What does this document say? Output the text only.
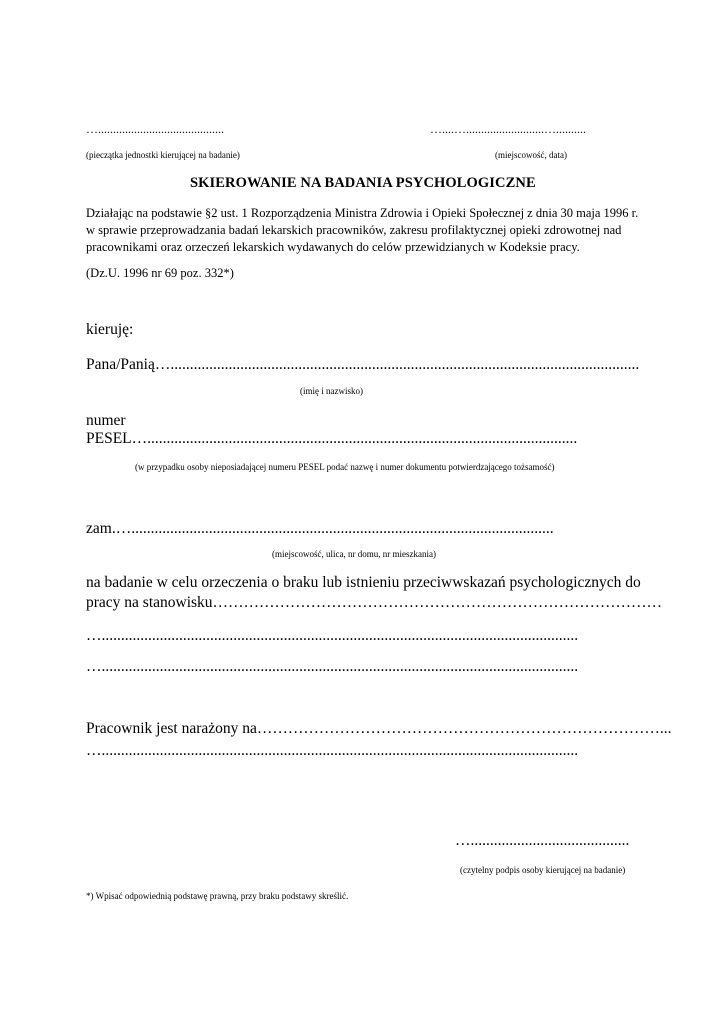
…..........................................	…....…..........................…..........
(pieczątka jednostki kierującej na badanie)	(miejscowość, data)
SKIEROWANIE NA BADANIA PSYCHOLOGICZNE
Działając na podstawie §2 ust. 1 Rozporządzenia Ministra Zdrowia i Opieki Społecznej z dnia 30 maja 1996 r.
w sprawie przeprowadzania badań lekarskich pracowników, zakresu profilaktycznej opieki zdrowotnej nad
pracownikami oraz orzeczeń lekarskich wydawanych do celów przewidzianych w Kodeksie pracy.
(Dz.U. 1996 nr 69 poz. 332*)
kieruję:
Pana/Panią….........................................................................................................................
(imię i nazwisko)
numer
PESEL…...............................................................................................................
(w przypadku osoby nieposiadającej numeru PESEL podać nazwę i numer dokumentu potwierdzającego tożsamość)
zam.….............................................................................................................
(miejscowość, ulica, nr domu, nr mieszkania)
na badanie w celu orzeczenia o braku lub istnieniu przeciwwskazań psychologicznych do
pracy na stanowisku……………………………………………………………………………
…...........................................................................................................................
…...........................................................................................................................
Pracownik jest narażony na……………………………………………………………………...
…...........................................................................................................................
….........................................
(czytelny podpis osoby kierującej na badanie)
*) Wpisać odpowiednią podstawę prawną, przy braku podstawy skreślić.
